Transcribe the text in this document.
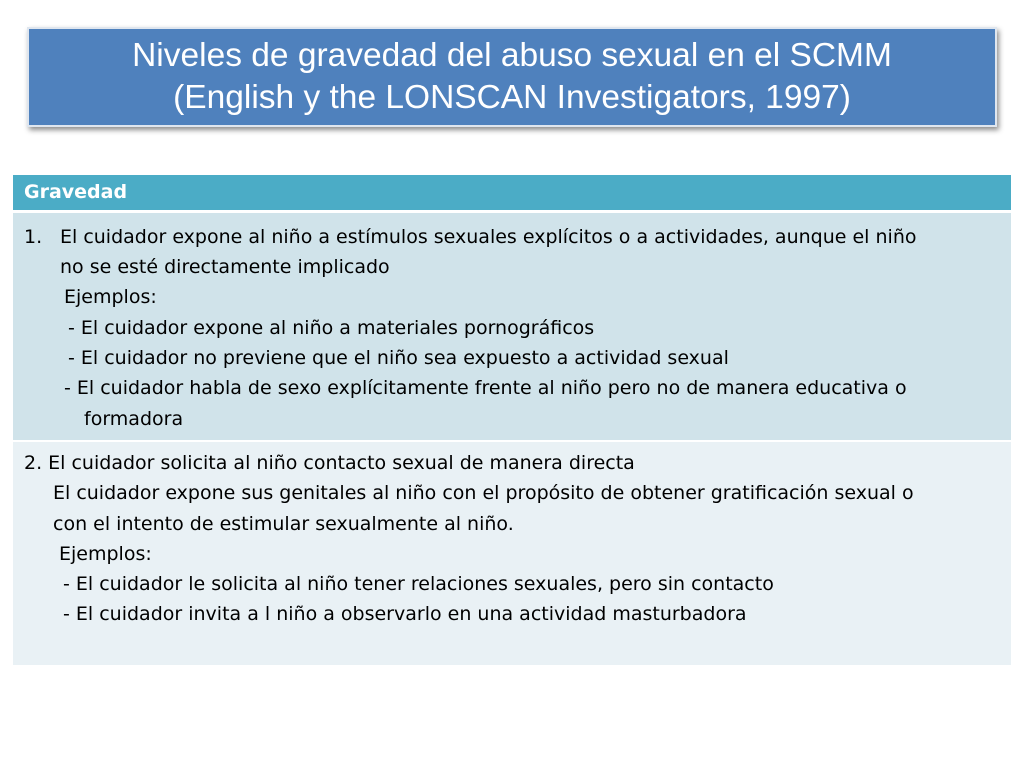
Niveles de gravedad del abuso sexual en el SCMM
(English y the LONSCAN Investigators, 1997)
Gravedad
1. El cuidador expone al niño a estímulos sexuales explícitos o a actividades, aunque el niño
no se esté directamente implicado
Ejemplos:
- El cuidador expone al niño a materiales pornográficos
- El cuidador no previene que el niño sea expuesto a actividad sexual
- El cuidador habla de sexo explícitamente frente al niño pero no de manera educativa o
formadora
2. El cuidador solicita al niño contacto sexual de manera directa
El cuidador expone sus genitales al niño con el propósito de obtener gratificación sexual o
con el intento de estimular sexualmente al niño.
Ejemplos:
- El cuidador le solicita al niño tener relaciones sexuales, pero sin contacto
- El cuidador invita a l niño a observarlo en una actividad masturbadora
